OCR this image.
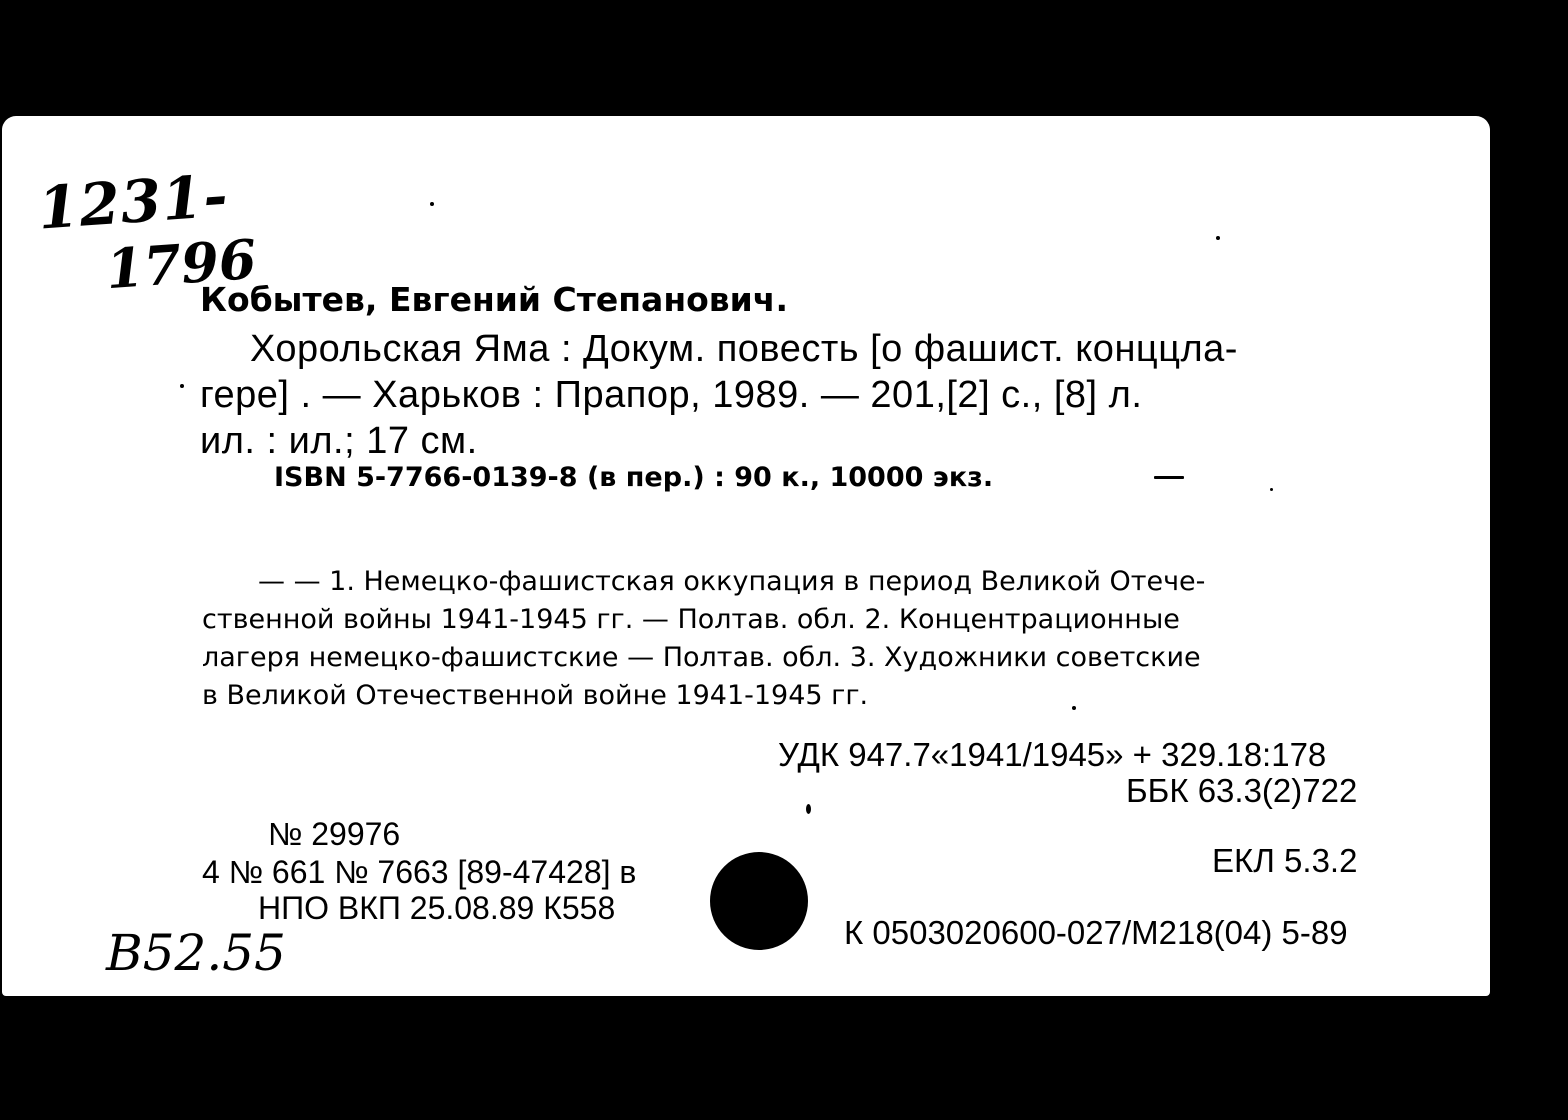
1231-
1796
Кобытев, Евгений Степанович.
Хорольская Яма : Докум. повесть [о фашист. конццла-
гере] . — Харьков : Прапор, 1989. — 201,[2] с., [8] л.
ил. : ил.; 17 см.
ISBN 5-7766-0139-8 (в пер.) : 90 к., 10000 экз.
— — 1. Немецко-фашистская оккупация в период Великой Отече-
ственной войны 1941-1945 гг. — Полтав. обл. 2. Концентрационные
лагеря немецко-фашистские — Полтав. обл. 3. Художники советские
в Великой Отечественной войне 1941-1945 гг.
УДК 947.7«1941/1945» + 329.18:178
ББК 63.3(2)722
№ 29976
4 № 661 № 7663 [89-47428] в
НПО ВКП 25.08.89 К558
ЕКЛ 5.3.2
К 0503020600-027/М218(04) 5-89
B52.55
